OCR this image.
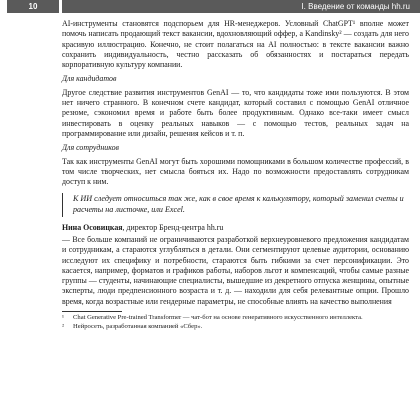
10	I. Введение от команды hh.ru

AI-инструменты становятся подспорьем для HR-менеджеров. Условный ChatGPT¹ вполне может помочь написать продающий текст вакансии, вдохновляющий оффер, а Kandinsky² — создать для него красивую иллюстрацию. Конечно, не стоит полагаться на AI полностью: в тексте вакансии важно сохранить индивидуальность, честно рассказать об обязанностях и постараться передать корпоративную культуру компании.

Для кандидатов

Другое следствие развития инструментов GenAI — то, что кандидаты тоже ими пользуются. В этом нет ничего странного. В конечном счете кандидат, который составил с помощью GenAI отличное резюме, сэкономил время и работе быть более продуктивным. Однако все-таки имеет смысл инвестировать в оценку реальных навыков — с помощью тестов, реальных задач на программирование или дизайн, решения кейсов и т. п.

Для сотрудников

Так как инструменты GenAI могут быть хорошими помощниками в большом количестве профессий, в том числе творческих, нет смысла бояться их. Надо по возможности предоставлять сотрудникам доступ к ним.

К ИИ следует относиться так же, как в свое время к калькулятору, который заменил счеты и расчеты на листочке, или Excel.
Нина Осовицкая, директор Бренд-центра hh.ru

— Все больше компаний не ограничиваются разработкой верхнеуровневого предложения кандидатам и сотрудникам, а стараются углубляться в детали. Они сегментируют целевые аудитории, основанию исследуют их специфику и потребности, стараются быть гибкими за счет персонификации. Это касается, например, форматов и графиков работы, наборов льгот и компенсаций, чтобы самые разные группы — студенты, начинающие специалисты, вышедшие из декретного отпуска женщины, опытные эксперты, люди предпенсионного возраста и т. д. — находили для себя релевантные опции. Прошло время, когда возрастные или гендерные параметры, не способные влиять на качество выполнения

¹	Chat Generative Pre-trained Transformer — чат-бот на основе генеративного искусственного интеллекта.
²	Нейросеть, разработанная компанией «Сбер».
